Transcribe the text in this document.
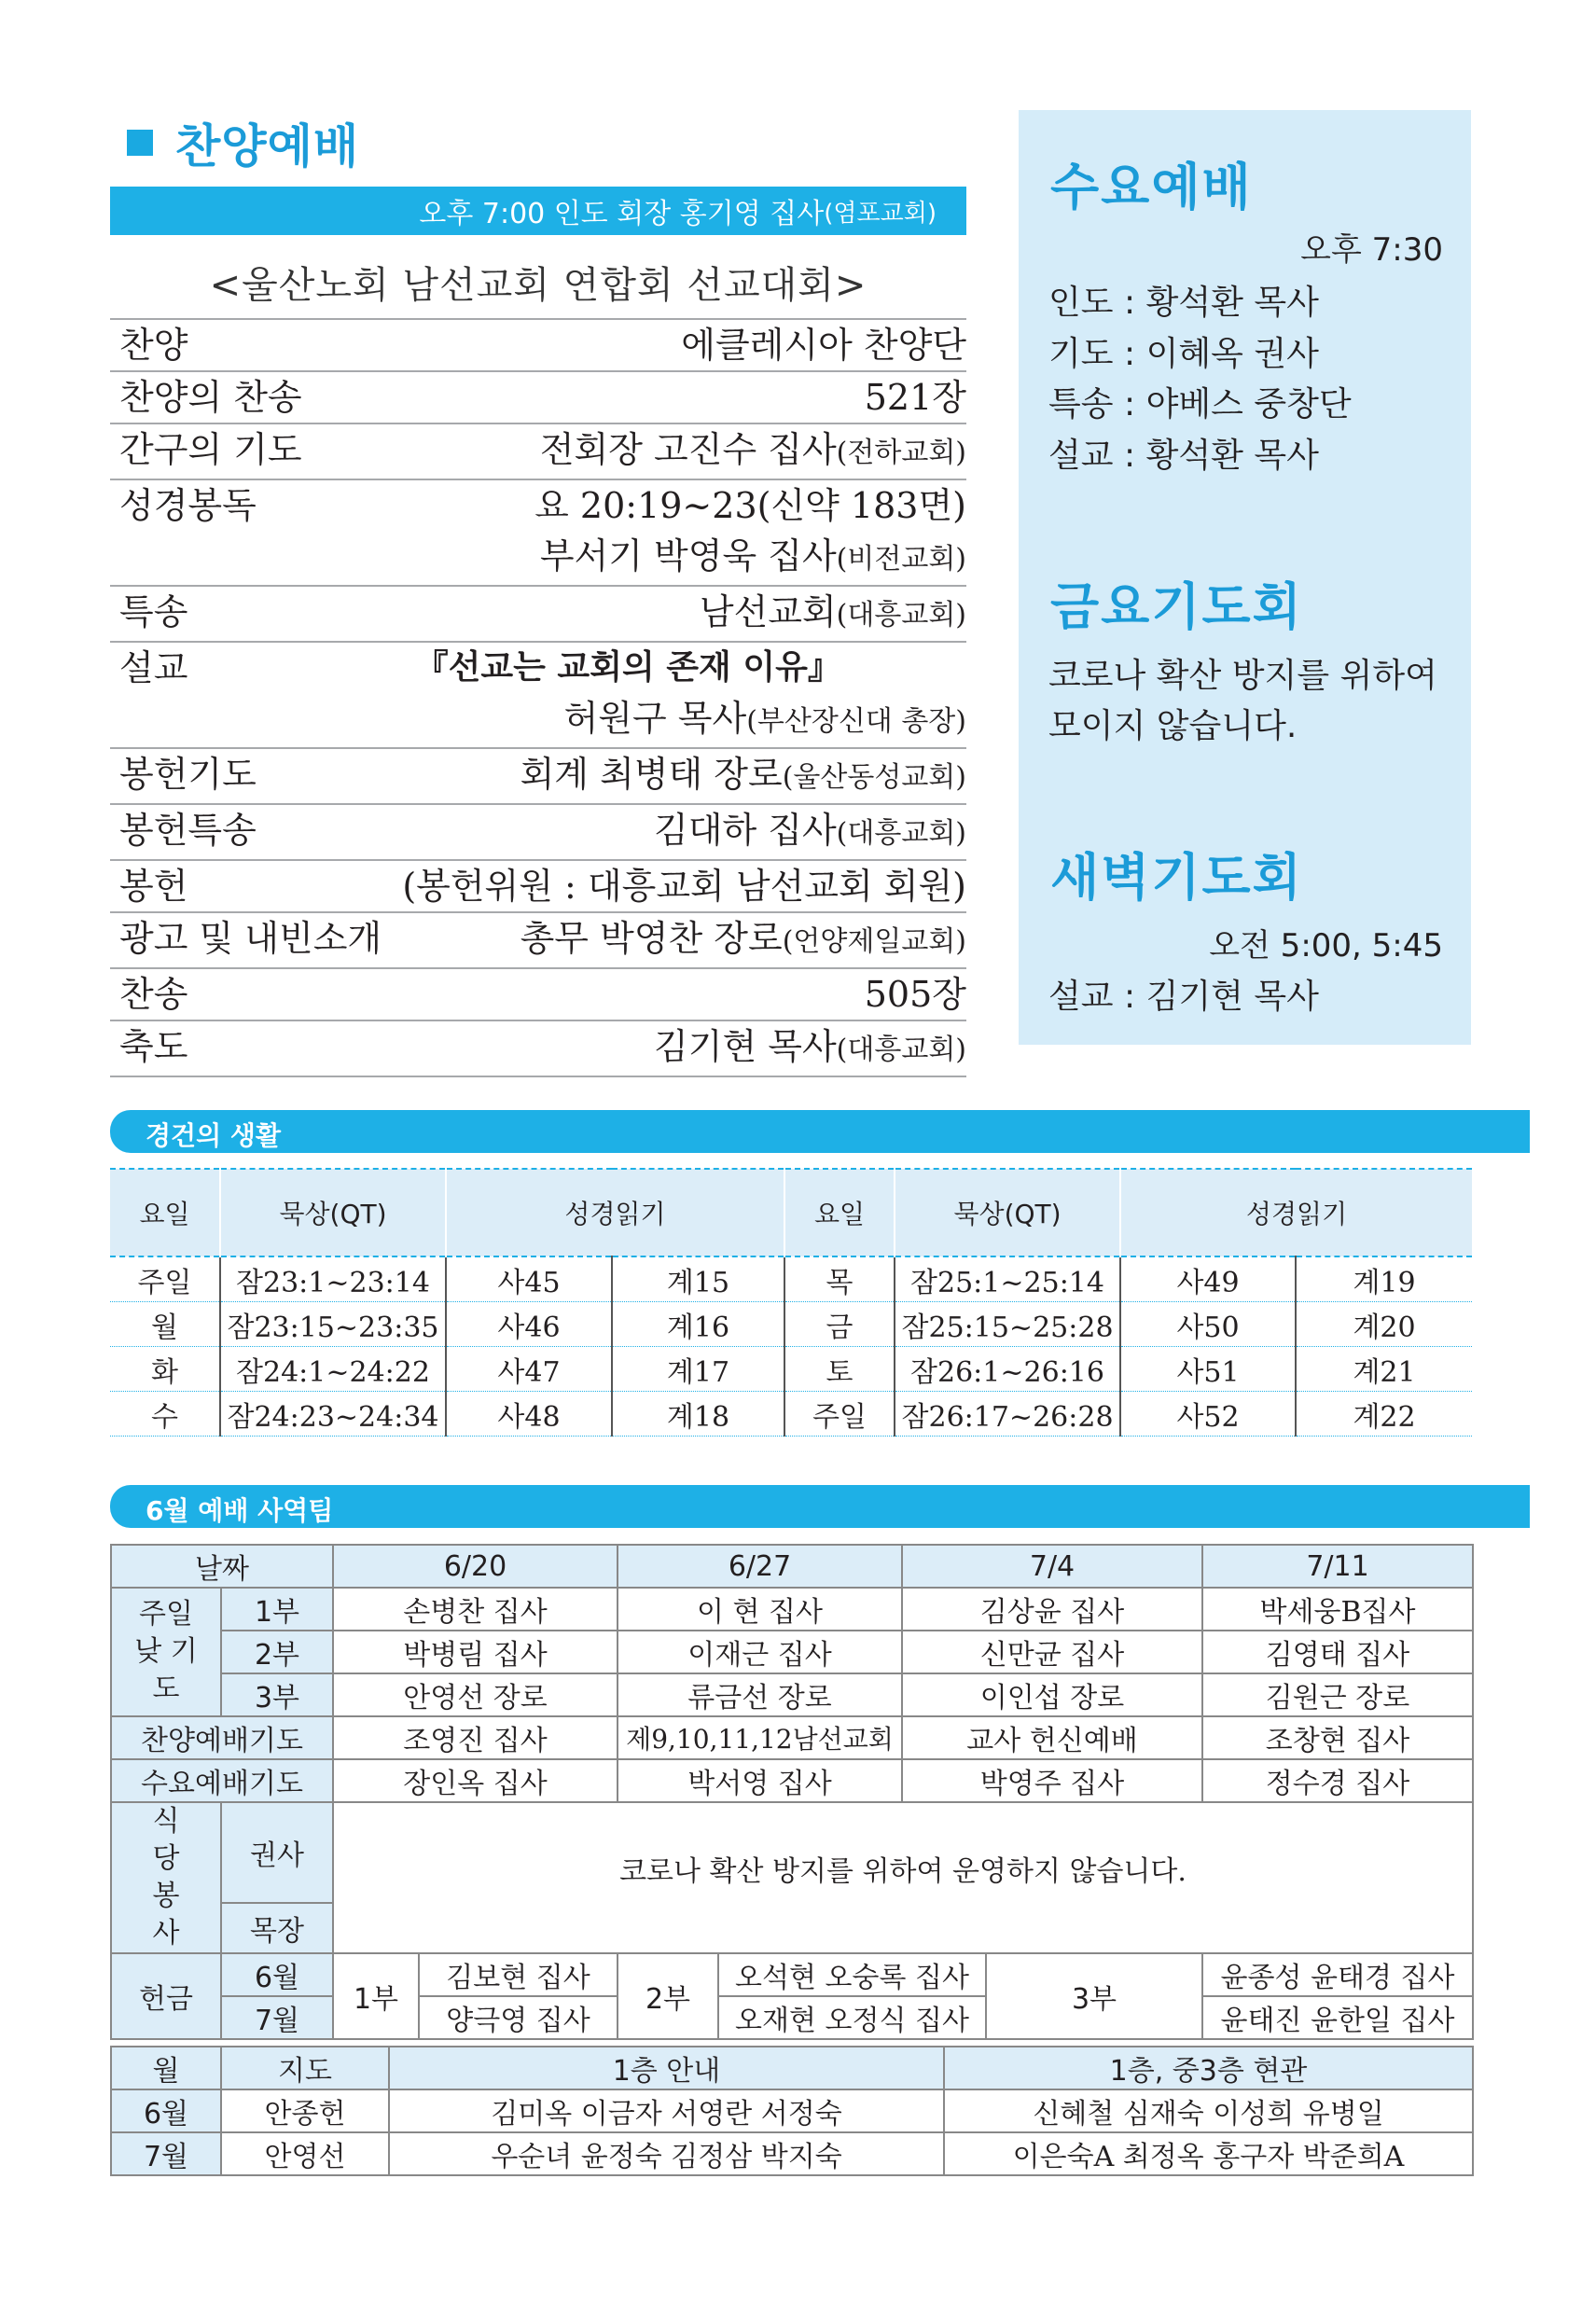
찬양예배
오후 7:00 인도 회장 홍기영 집사 (염포교회)
<울산노회 남선교회 연합회 선교대회>
찬양	에클레시아 찬양단
찬양의 찬송	521장
간구의 기도	전회장 고진수 집사(전하교회)
성경봉독	요 20:19~23(신약 183면)
부서기 박영욱 집사(비전교회)
특송	남선교회(대흥교회)
설교	『선교는 교회의 존재 이유』
허원구 목사(부산장신대 총장)
봉헌기도	회계 최병태 장로(울산동성교회)
봉헌특송	김대하 집사(대흥교회)
봉헌	(봉헌위원 : 대흥교회 남선교회 회원)
광고 및 내빈소개	총무 박영찬 장로(언양제일교회)
찬송	505장
축도	김기현 목사(대흥교회)
수요예배
오후 7:30
인도 : 황석환 목사
기도 : 이혜옥 권사
특송 : 야베스 중창단
설교 : 황석환 목사
금요기도회
코로나 확산 방지를 위하여
모이지 않습니다.
새벽기도회
오전 5:00, 5:45
설교 : 김기현 목사
경건의 생활
요일	묵상(QT)	성경읽기		요일	묵상(QT)	성경읽기	
주일	잠23:1~23:14	사45	계15	목	잠25:1~25:14	사49	계19
월	잠23:15~23:35	사46	계16	금	잠25:15~25:28	사50	계20
화	잠24:1~24:22	사47	계17	토	잠26:1~26:16	사51	계21
수	잠24:23~24:34	사48	계18	주일	잠26:17~26:28	사52	계22
6월 예배 사역팀
날짜		6/20		6/27		7/4		7/11
주일낮 기도	1부	손병찬 집사		이 현 집사		김상윤 집사		박세웅B집사
	2부	박병림 집사		이재근 집사		신만균 집사		김영태 집사
	3부	안영선 장로		류금선 장로		이인섭 장로		김원근 장로
찬양예배기도		조영진 집사		제9,10,11,12남선교회		교사 헌신예배		조창현 집사
수요예배기도		장인옥 집사		박서영 집사		박영주 집사		정수경 집사
식당 봉사	권사	코로나 확산 방지를 위하여 운영하지 않습니다.						
	목장							
헌금	6월	1부	김보현 집사	2부	오석현 오숭록 집사		3부	윤종성 윤태경 집사
	7월		양극영 집사		오재현 오정식 집사			윤태진 윤한일 집사
월	지도	1층 안내	1층, 중3층 현관
6월	안종헌	김미옥 이금자 서영란 서정숙	신혜철 심재숙 이성희 유병일
7월	안영선	우순녀 윤정숙 김정삼 박지숙	이은숙A 최정옥 홍구자 박준희A
